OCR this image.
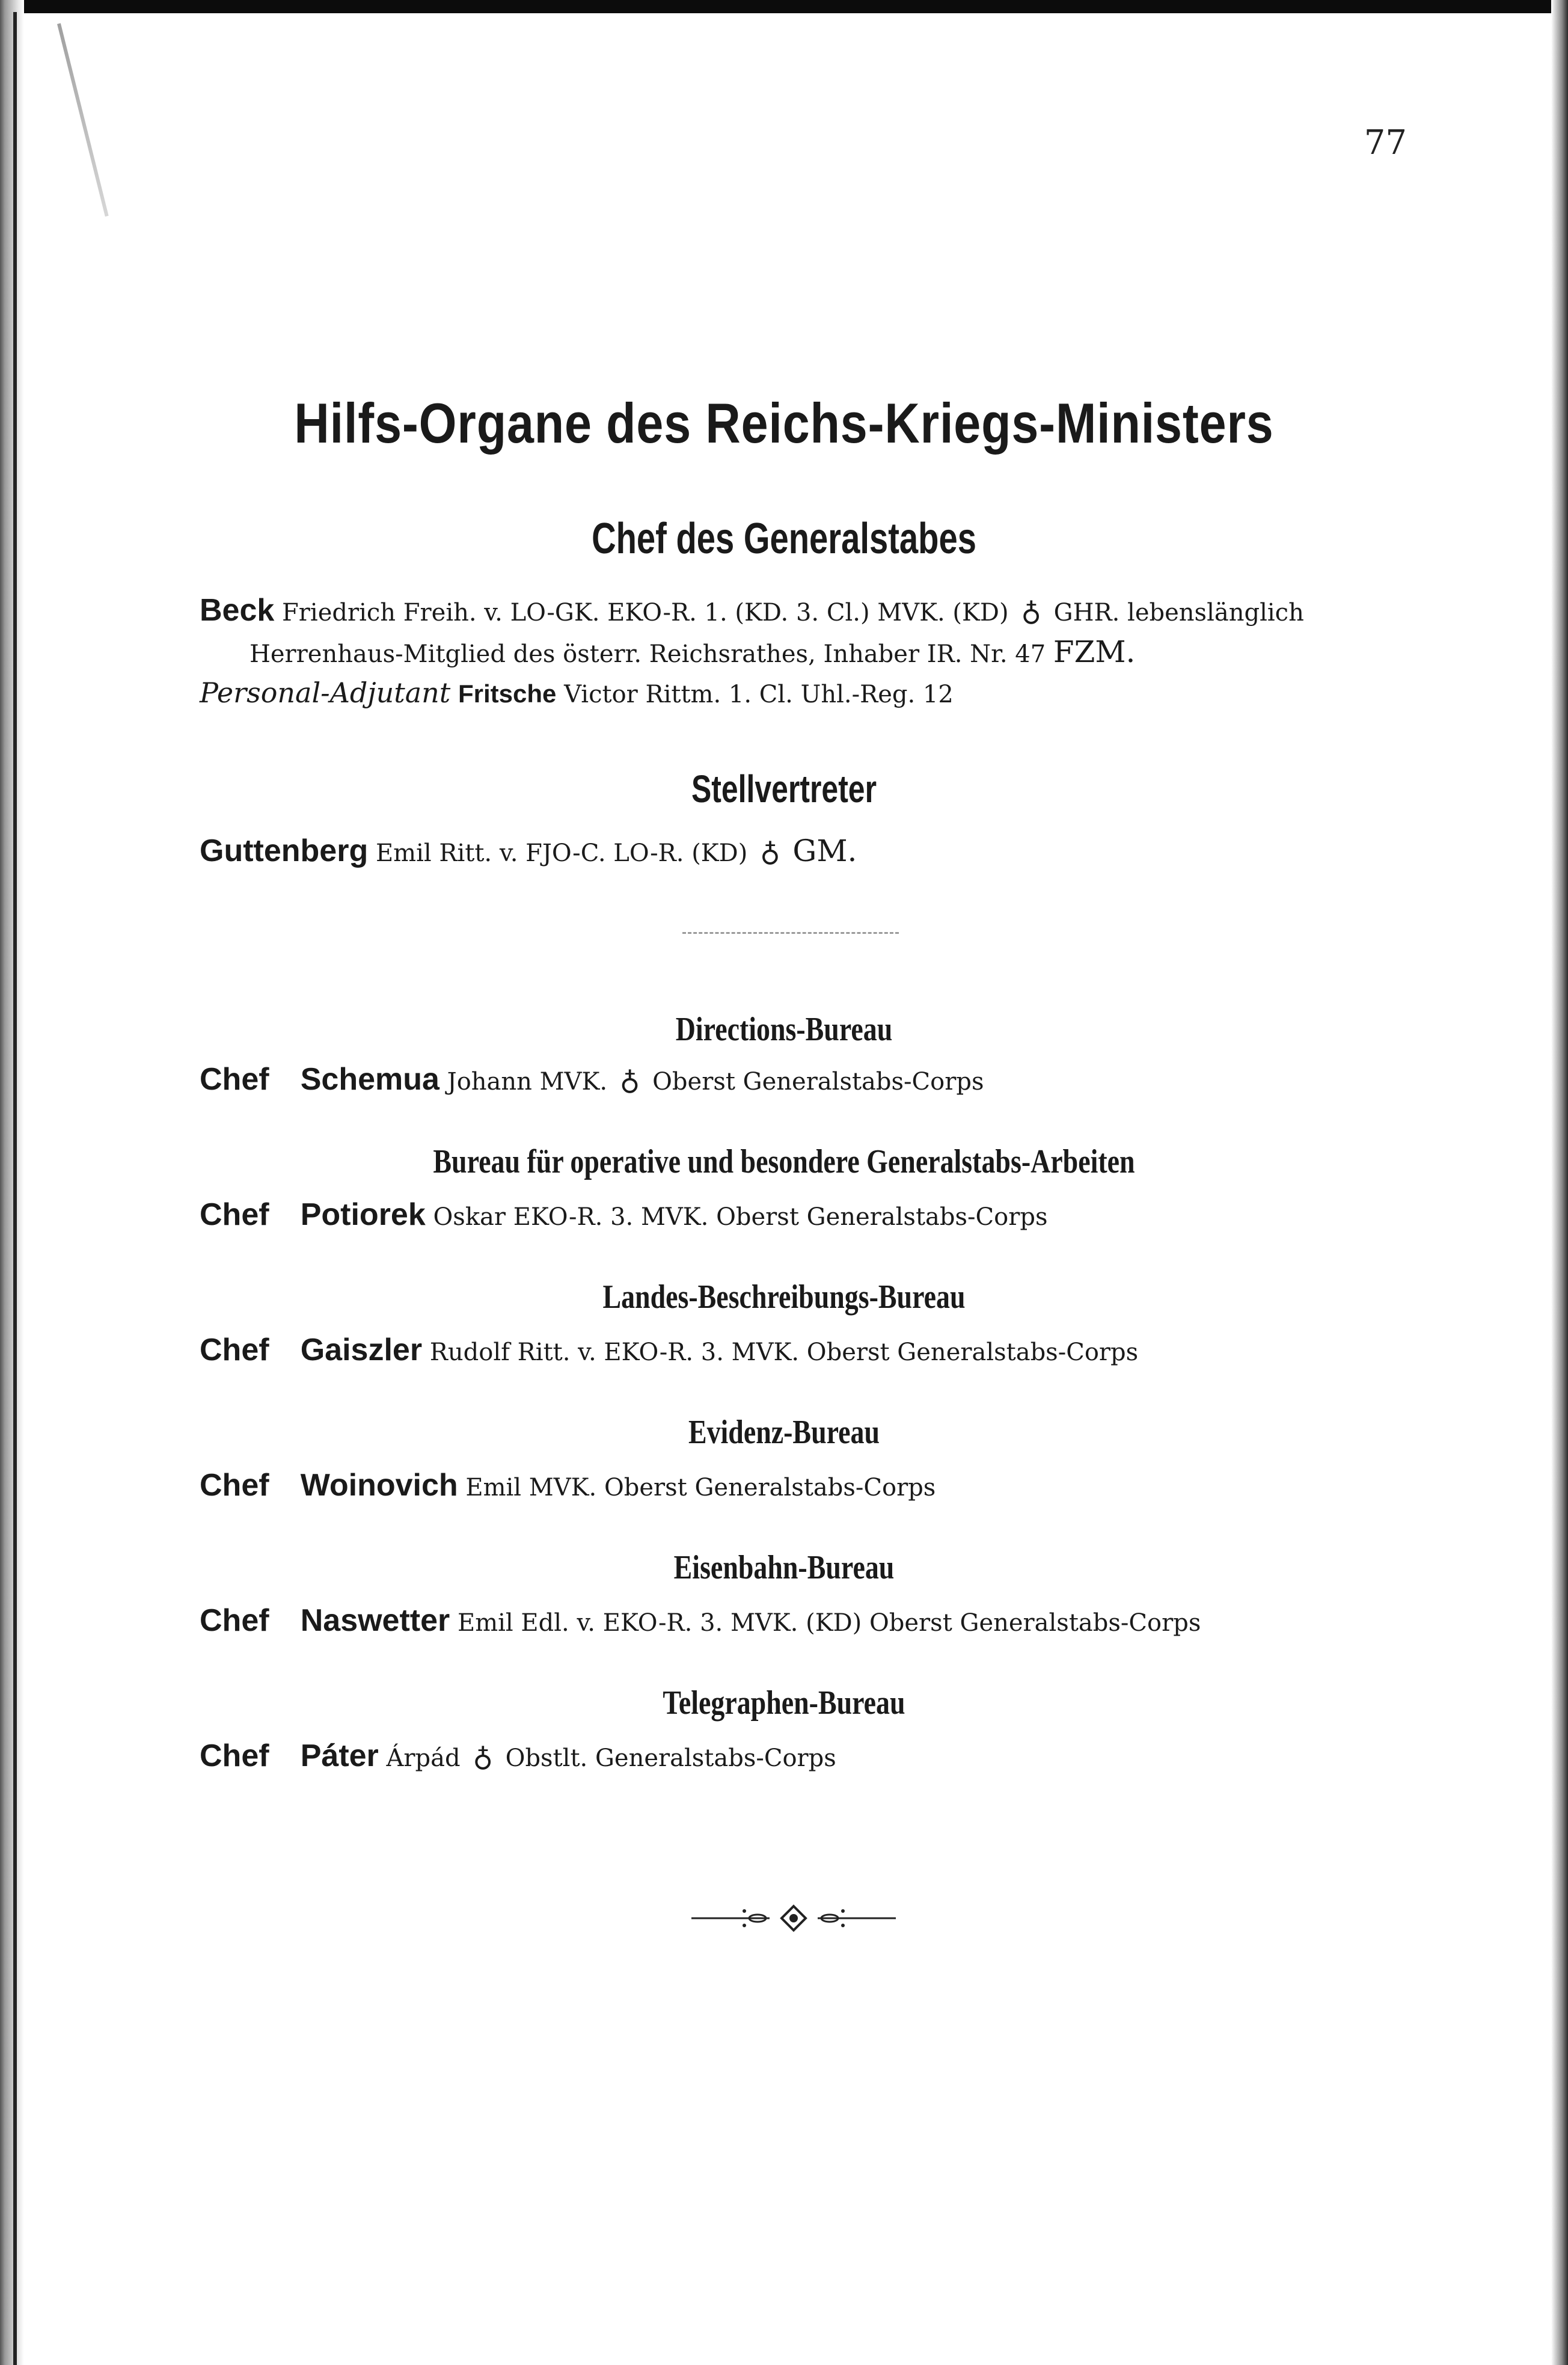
77
Hilfs-Organe des Reichs-Kriegs-Ministers
Chef des Generalstabes
Beck Friedrich Freih. v. LO-GK. EKO-R. 1. (KD. 3. Cl.) MVK. (KD) ♁ GHR. lebenslänglich
Herrenhaus-Mitglied des österr. Reichsrathes, Inhaber IR. Nr. 47 FZM.
Personal-Adjutant Fritsche Victor Rittm. 1. Cl. Uhl.-Reg. 12
Stellvertreter
Guttenberg Emil Ritt. v. FJO-C. LO-R. (KD) ♁ GM.
Directions-Bureau
Chef Schemua Johann MVK. ♁ Oberst Generalstabs-Corps
Bureau für operative und besondere Generalstabs-Arbeiten
Chef Potiorek Oskar EKO-R. 3. MVK. Oberst Generalstabs-Corps
Landes-Beschreibungs-Bureau
Chef Gaiszler Rudolf Ritt. v. EKO-R. 3. MVK. Oberst Generalstabs-Corps
Evidenz-Bureau
Chef Woinovich Emil MVK. Oberst Generalstabs-Corps
Eisenbahn-Bureau
Chef Naswetter Emil Edl. v. EKO-R. 3. MVK. (KD) Oberst Generalstabs-Corps
Telegraphen-Bureau
Chef Páter Árpád ♁ Obstlt. Generalstabs-Corps
